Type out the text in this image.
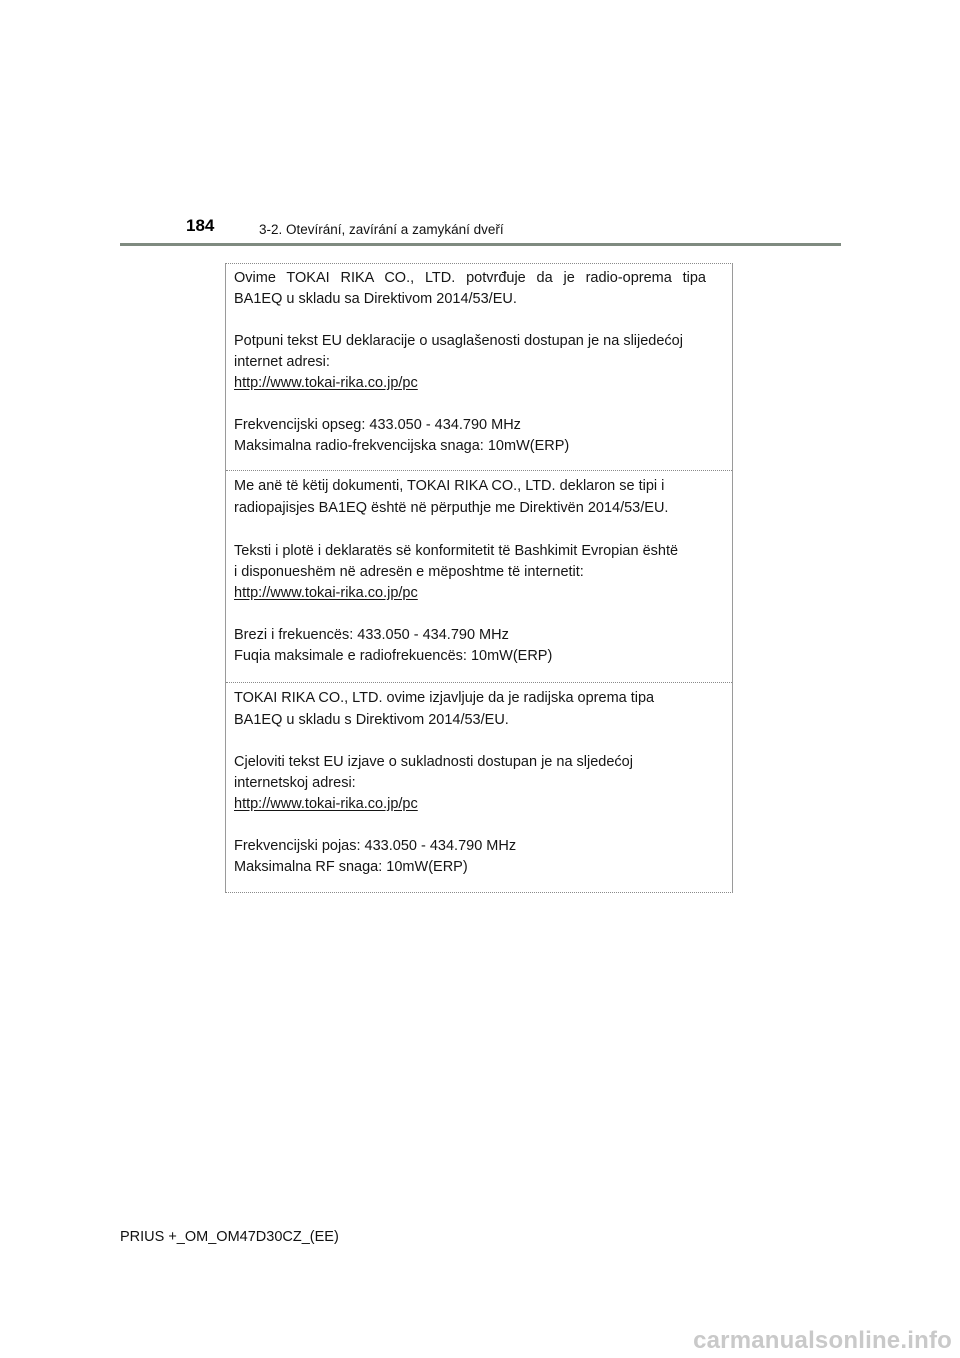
184	3-2. Otevírání, zavírání a zamykání dveří
Ovime TOKAI RIKA CO., LTD. potvrđuje da je radio-oprema tipa
BA1EQ u skladu sa Direktivom 2014/53/EU.
Potpuni tekst EU deklaracije o usaglašenosti dostupan je na slijedećoj
internet adresi:
http://www.tokai-rika.co.jp/pc
Frekvencijski opseg: 433.050 - 434.790 MHz
Maksimalna radio-frekvencijska snaga: 10mW(ERP)
Me anë të këtij dokumenti, TOKAI RIKA CO., LTD. deklaron se tipi i
radiopajisjes BA1EQ është në përputhje me Direktivën 2014/53/EU.
Teksti i plotë i deklaratës së konformitetit të Bashkimit Evropian është
i disponueshëm në adresën e mëposhtme të internetit:
http://www.tokai-rika.co.jp/pc
Brezi i frekuencës: 433.050 - 434.790 MHz
Fuqia maksimale e radiofrekuencës: 10mW(ERP)
TOKAI RIKA CO., LTD. ovime izjavljuje da je radijska oprema tipa
BA1EQ u skladu s Direktivom 2014/53/EU.
Cjeloviti tekst EU izjave o sukladnosti dostupan je na sljedećoj
internetskoj adresi:
http://www.tokai-rika.co.jp/pc
Frekvencijski pojas: 433.050 - 434.790 MHz
Maksimalna RF snaga: 10mW(ERP)
PRIUS +_OM_OM47D30CZ_(EE)
carmanualsonline.info
